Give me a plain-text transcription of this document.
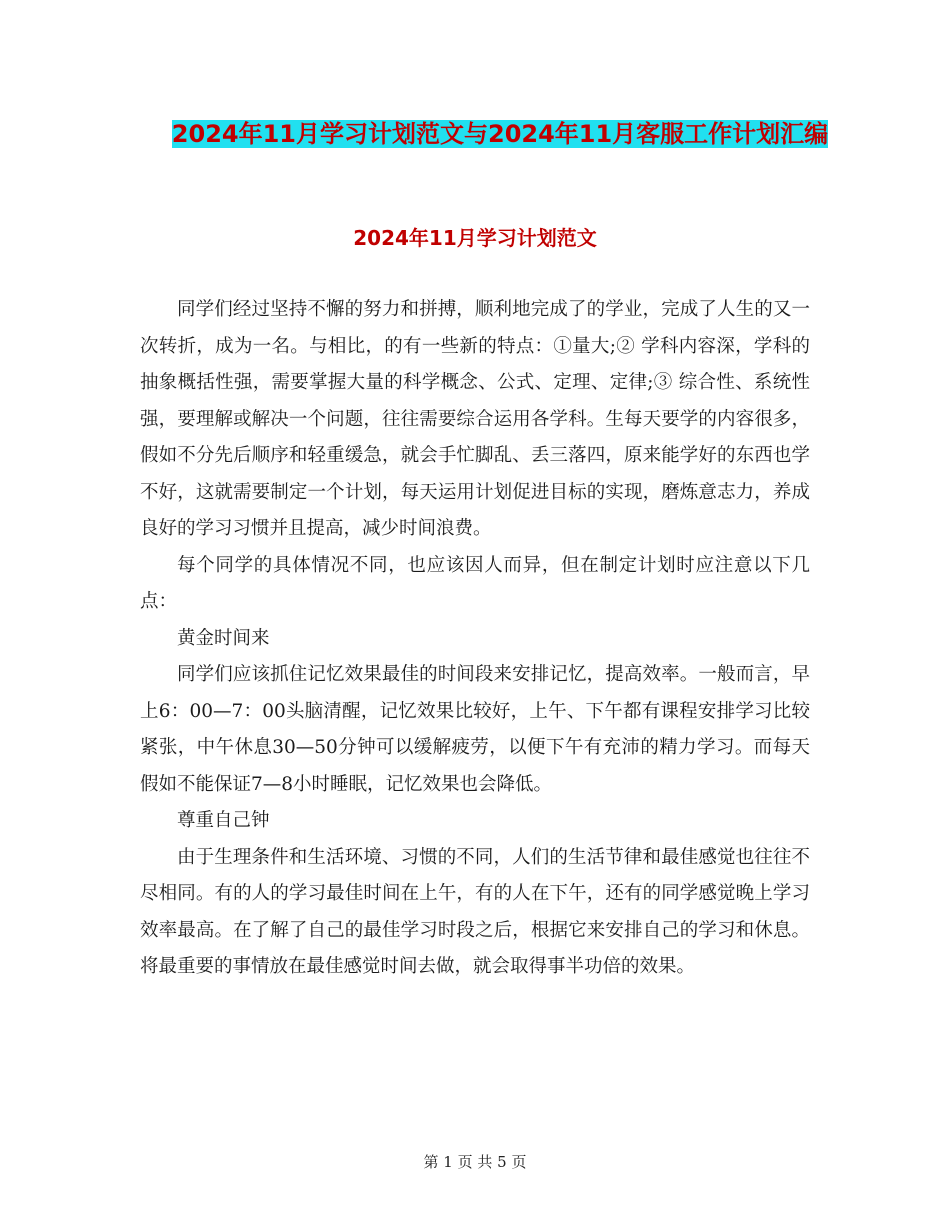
2024年11月学习计划范文与2024年11月客服工作计划汇编
2024年11月学习计划范文

同学们经过坚持不懈的努力和拼搏，顺利地完成了的学业，完成了人生的又一次转折，成为一名。与相比，的有一些新的特点：①量大;② 学科内容深，学科的抽象概括性强，需要掌握大量的科学概念、公式、定理、定律;③ 综合性、系统性强，要理解或解决一个问题，往往需要综合运用各学科。生每天要学的内容很多，假如不分先后顺序和轻重缓急，就会手忙脚乱、丢三落四，原来能学好的东西也学不好，这就需要制定一个计划，每天运用计划促进目标的实现，磨炼意志力，养成良好的学习习惯并且提高，减少时间浪费。

每个同学的具体情况不同，也应该因人而异，但在制定计划时应注意以下几点：

黄金时间来

同学们应该抓住记忆效果最佳的时间段来安排记忆，提高效率。一般而言，早上6：00—7：00头脑清醒，记忆效果比较好，上午、下午都有课程安排学习比较紧张，中午休息30—50分钟可以缓解疲劳，以便下午有充沛的精力学习。而每天假如不能保证7—8小时睡眠，记忆效果也会降低。

尊重自己钟

由于生理条件和生活环境、习惯的不同，人们的生活节律和最佳感觉也往往不尽相同。有的人的学习最佳时间在上午，有的人在下午，还有的同学感觉晚上学习效率最高。在了解了自己的最佳学习时段之后，根据它来安排自己的学习和休息。将最重要的事情放在最佳感觉时间去做，就会取得事半功倍的效果。

第 1 页 共 5 页
